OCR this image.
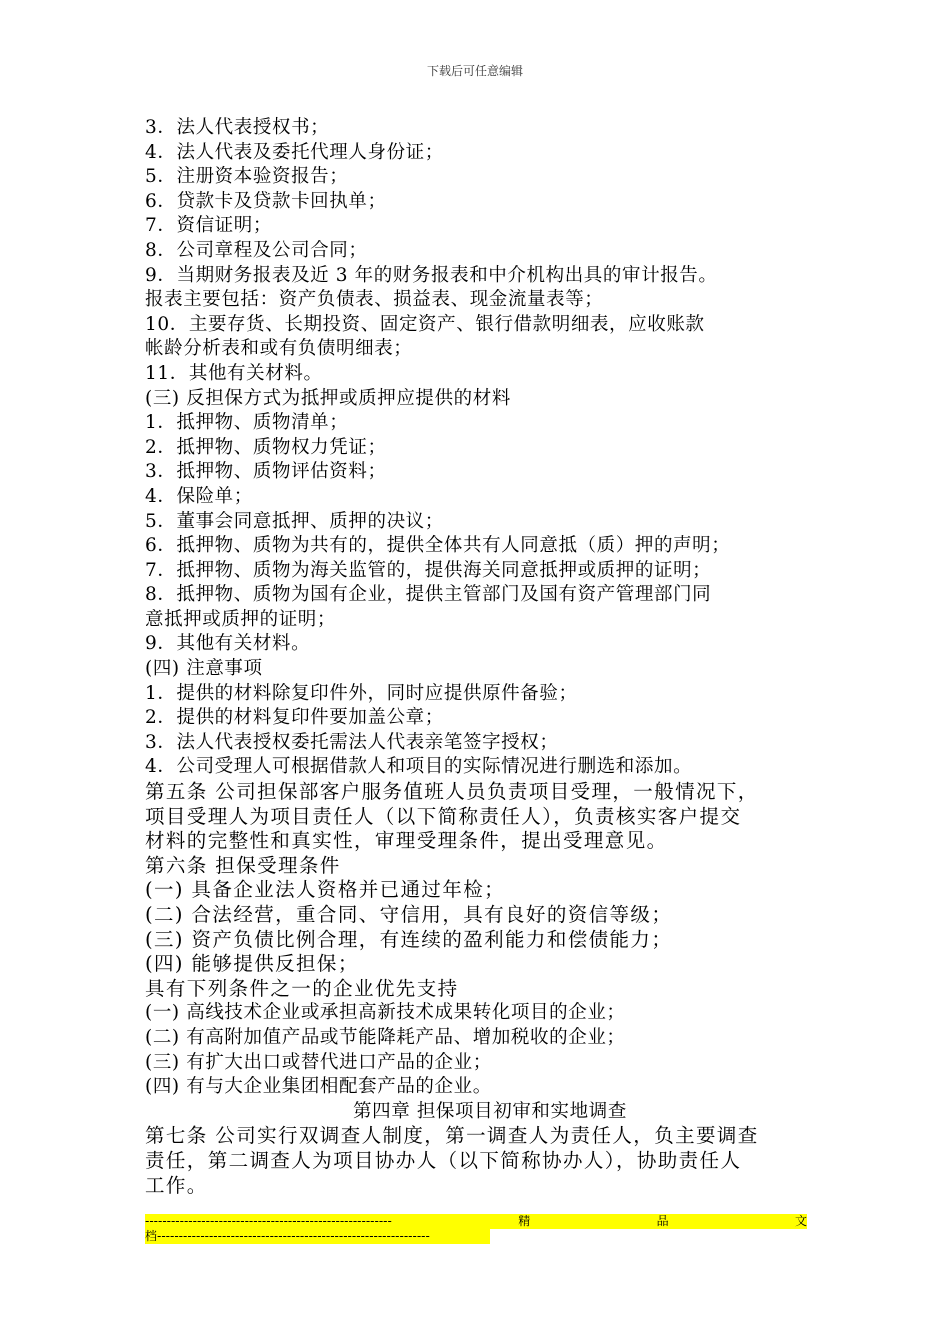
下载后可任意编辑
3．法人代表授权书；
4．法人代表及委托代理人身份证；
5．注册资本验资报告；
6．贷款卡及贷款卡回执单；
7．资信证明；
8．公司章程及公司合同；
9．当期财务报表及近 3 年的财务报表和中介机构出具的审计报告。
报表主要包括：资产负债表、损益表、现金流量表等；
10．主要存货、长期投资、固定资产、银行借款明细表，应收账款
帐龄分析表和或有负债明细表；
11．其他有关材料。
(三) 反担保方式为抵押或质押应提供的材料
1．抵押物、质物清单；
2．抵押物、质物权力凭证；
3．抵押物、质物评估资料；
4．保险单；
5．董事会同意抵押、质押的决议；
6．抵押物、质物为共有的，提供全体共有人同意抵（质）押的声明；
7．抵押物、质物为海关监管的，提供海关同意抵押或质押的证明；
8．抵押物、质物为国有企业，提供主管部门及国有资产管理部门同
意抵押或质押的证明；
9．其他有关材料。
(四) 注意事项
1．提供的材料除复印件外，同时应提供原件备验；
2．提供的材料复印件要加盖公章；
3．法人代表授权委托需法人代表亲笔签字授权；
4．公司受理人可根据借款人和项目的实际情况进行删选和添加。
第五条 公司担保部客户服务值班人员负责项目受理，一般情况下，
项目受理人为项目责任人（以下简称责任人），负责核实客户提交
材料的完整性和真实性，审理受理条件，提出受理意见。
第六条 担保受理条件
(一) 具备企业法人资格并已通过年检；
(二) 合法经营，重合同、守信用，具有良好的资信等级；
(三) 资产负债比例合理，有连续的盈利能力和偿债能力；
(四) 能够提供反担保；
具有下列条件之一的企业优先支持
(一) 高线技术企业或承担高新技术成果转化项目的企业；
(二) 有高附加值产品或节能降耗产品、增加税收的企业；
(三) 有扩大出口或替代进口产品的企业；
(四) 有与大企业集团相配套产品的企业。
第四章 担保项目初审和实地调查
第七条 公司实行双调查人制度，第一调查人为责任人，负主要调查
责任，第二调查人为项目协办人（以下简称协办人），协助责任人
工作。
---------------------------------------------------------	精	品	文
档---------------------------------------------------------------
